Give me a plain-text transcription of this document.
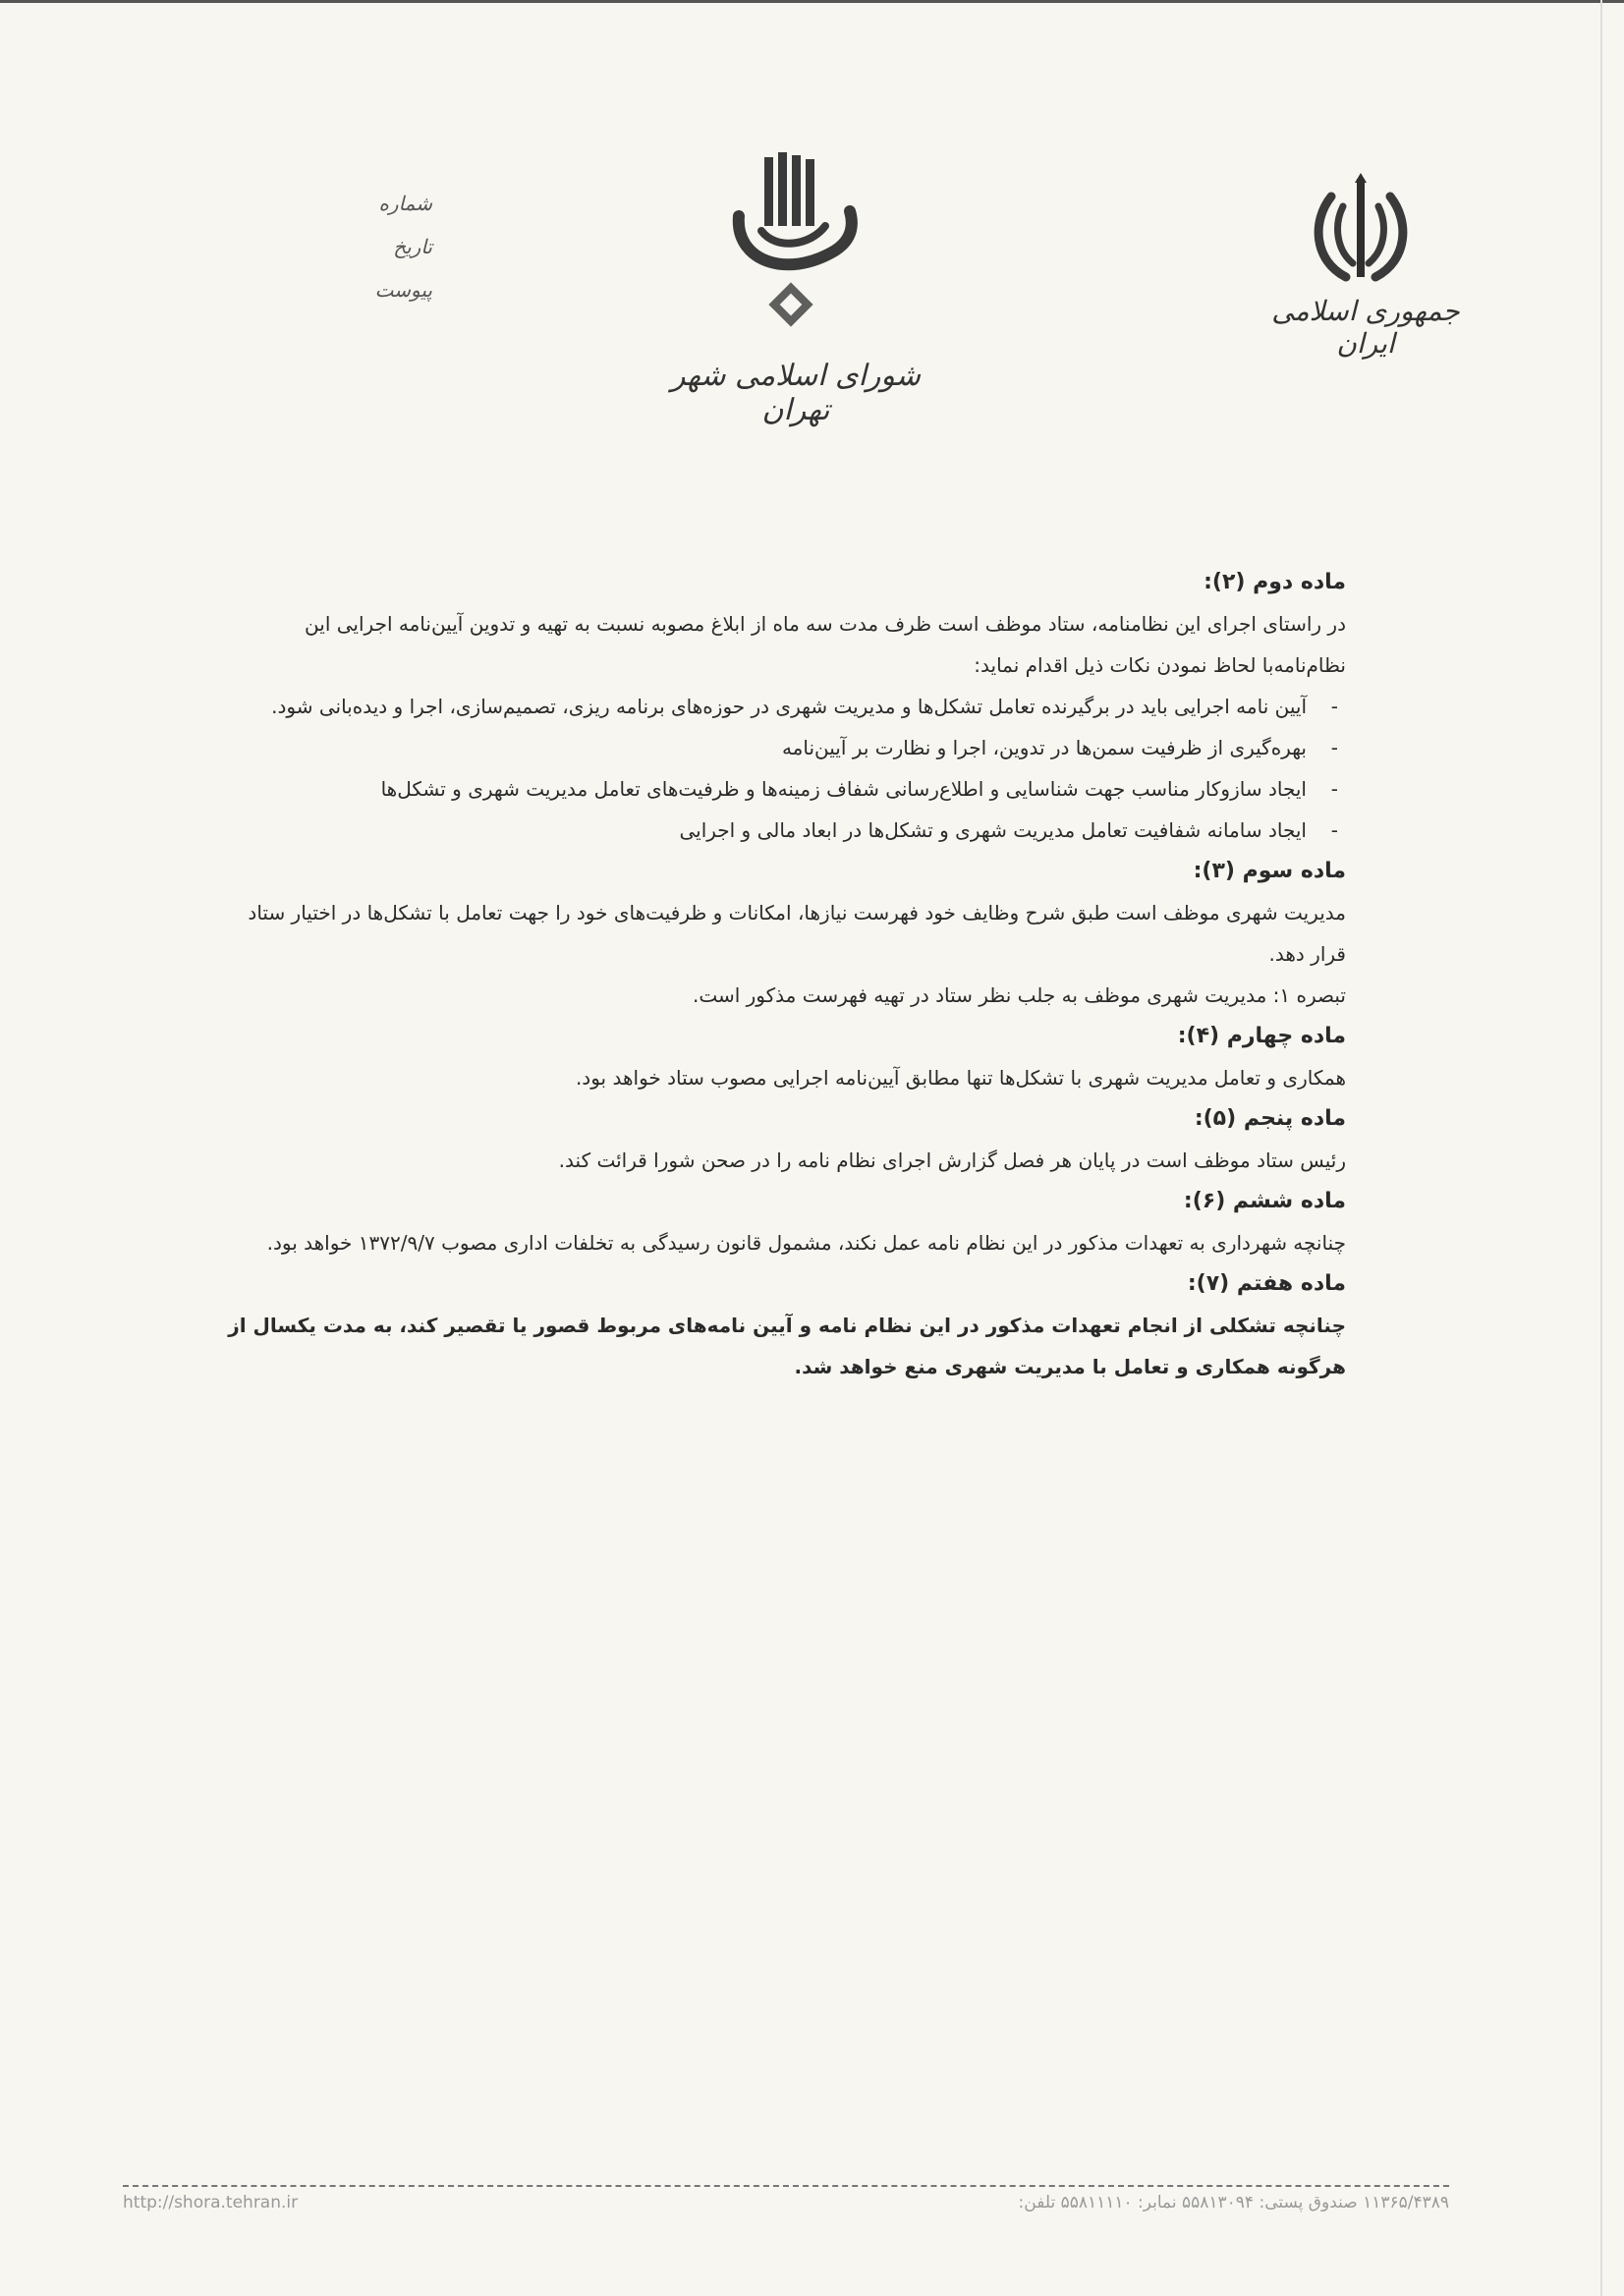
جمهوری اسلامی ایران
شورای اسلامی شهر تهران
شماره
تاریخ
پیوست

ماده دوم (۲):

در راستای اجرای این نظامنامه، ستاد موظف است ظرف مدت سه ماه از ابلاغ مصوبه نسبت به تهیه و تدوین آیین‌نامه اجرایی این نظام‌نامه‌با لحاظ نمودن نکات ذیل اقدام نماید:

-
آیین نامه اجرایی باید در برگیرنده تعامل تشکل‌ها و مدیریت شهری در حوزه‌های برنامه ریزی، تصمیم‌سازی، اجرا و دیده‌بانی شود.

-
بهره‌گیری از ظرفیت سمن‌ها در تدوین، اجرا و نظارت بر آیین‌نامه

-
ایجاد سازوکار مناسب جهت شناسایی و اطلاع‌رسانی شفاف زمینه‌ها و ظرفیت‌های تعامل مدیریت شهری و تشکل‌ها

-
ایجاد سامانه شفافیت تعامل مدیریت شهری و تشکل‌ها در ابعاد مالی و اجرایی

ماده سوم (۳):

مدیریت شهری موظف است طبق شرح وظایف خود فهرست نیازها، امکانات و ظرفیت‌های خود را جهت تعامل با تشکل‌ها در اختیار ستاد قرار دهد.

تبصره ۱: مدیریت شهری موظف به جلب نظر ستاد در تهیه فهرست مذکور است.

ماده چهارم (۴):

همکاری و تعامل مدیریت شهری با تشکل‌ها تنها مطابق آیین‌نامه اجرایی مصوب ستاد خواهد بود.

ماده پنجم (۵):

رئیس ستاد موظف است در پایان هر فصل گزارش اجرای نظام نامه را در صحن شورا قرائت کند.

ماده ششم (۶):

چنانچه شهرداری به تعهدات مذکور در این نظام نامه عمل نکند، مشمول قانون رسیدگی به تخلفات اداری مصوب ۱۳۷۲/۹/۷ خواهد بود.

ماده هفتم (۷):

چنانچه تشکلی از انجام تعهدات مذکور در این نظام نامه و آیین نامه‌های مربوط قصور یا تقصیر کند، به مدت یکسال از هرگونه همکاری و تعامل با مدیریت شهری منع خواهد شد.

http://shora.tehran.ir	۱۱۳۶۵/۴۳۸۹ صندوق پستی: ۵۵۸۱۳۰۹۴ نمابر: ۵۵۸۱۱۱۱۰ تلفن:
